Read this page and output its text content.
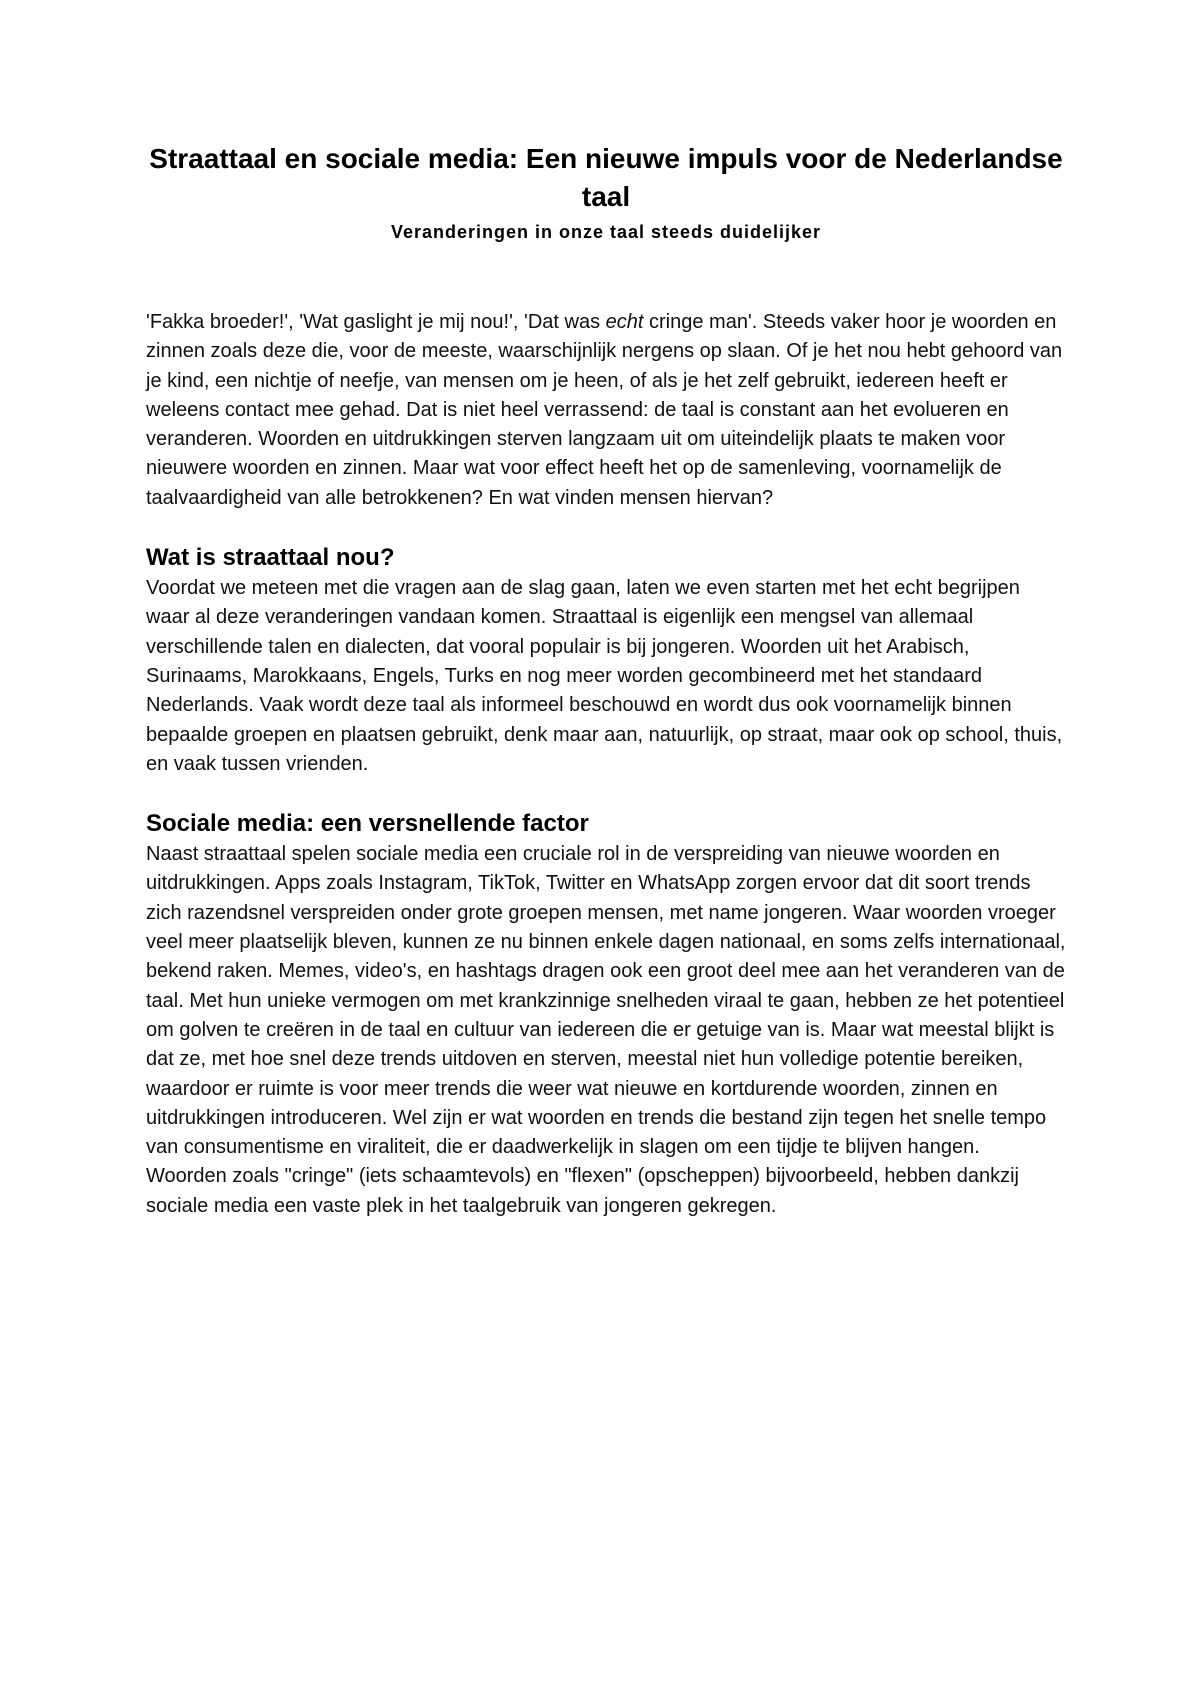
Straattaal en sociale media: Een nieuwe impuls voor de Nederlandse taal
Veranderingen in onze taal steeds duidelijker

'Fakka broeder!', 'Wat gaslight je mij nou!', 'Dat was echt cringe man'. Steeds vaker hoor je woorden en zinnen zoals deze die, voor de meeste, waarschijnlijk nergens op slaan. Of je het nou hebt gehoord van je kind, een nichtje of neefje, van mensen om je heen, of als je het zelf gebruikt, iedereen heeft er weleens contact mee gehad. Dat is niet heel verrassend: de taal is constant aan het evolueren en veranderen. Woorden en uitdrukkingen sterven langzaam uit om uiteindelijk plaats te maken voor nieuwere woorden en zinnen. Maar wat voor effect heeft het op de samenleving, voornamelijk de taalvaardigheid van alle betrokkenen? En wat vinden mensen hiervan?

Wat is straattaal nou?

Voordat we meteen met die vragen aan de slag gaan, laten we even starten met het echt begrijpen waar al deze veranderingen vandaan komen. Straattaal is eigenlijk een mengsel van allemaal verschillende talen en dialecten, dat vooral populair is bij jongeren. Woorden uit het Arabisch, Surinaams, Marokkaans, Engels, Turks en nog meer worden gecombineerd met het standaard Nederlands. Vaak wordt deze taal als informeel beschouwd en wordt dus ook voornamelijk binnen bepaalde groepen en plaatsen gebruikt, denk maar aan, natuurlijk, op straat, maar ook op school, thuis, en vaak tussen vrienden.

Sociale media: een versnellende factor

Naast straattaal spelen sociale media een cruciale rol in de verspreiding van nieuwe woorden en uitdrukkingen. Apps zoals Instagram, TikTok, Twitter en WhatsApp zorgen ervoor dat dit soort trends zich razendsnel verspreiden onder grote groepen mensen, met name jongeren. Waar woorden vroeger veel meer plaatselijk bleven, kunnen ze nu binnen enkele dagen nationaal, en soms zelfs internationaal, bekend raken. Memes, video's, en hashtags dragen ook een groot deel mee aan het veranderen van de taal. Met hun unieke vermogen om met krankzinnige snelheden viraal te gaan, hebben ze het potentieel om golven te creëren in de taal en cultuur van iedereen die er getuige van is. Maar wat meestal blijkt is dat ze, met hoe snel deze trends uitdoven en sterven, meestal niet hun volledige potentie bereiken, waardoor er ruimte is voor meer trends die weer wat nieuwe en kortdurende woorden, zinnen en uitdrukkingen introduceren. Wel zijn er wat woorden en trends die bestand zijn tegen het snelle tempo van consumentisme en viraliteit, die er daadwerkelijk in slagen om een tijdje te blijven hangen. Woorden zoals "cringe" (iets schaamtevols) en "flexen" (opscheppen) bijvoorbeeld, hebben dankzij sociale media een vaste plek in het taalgebruik van jongeren gekregen.
